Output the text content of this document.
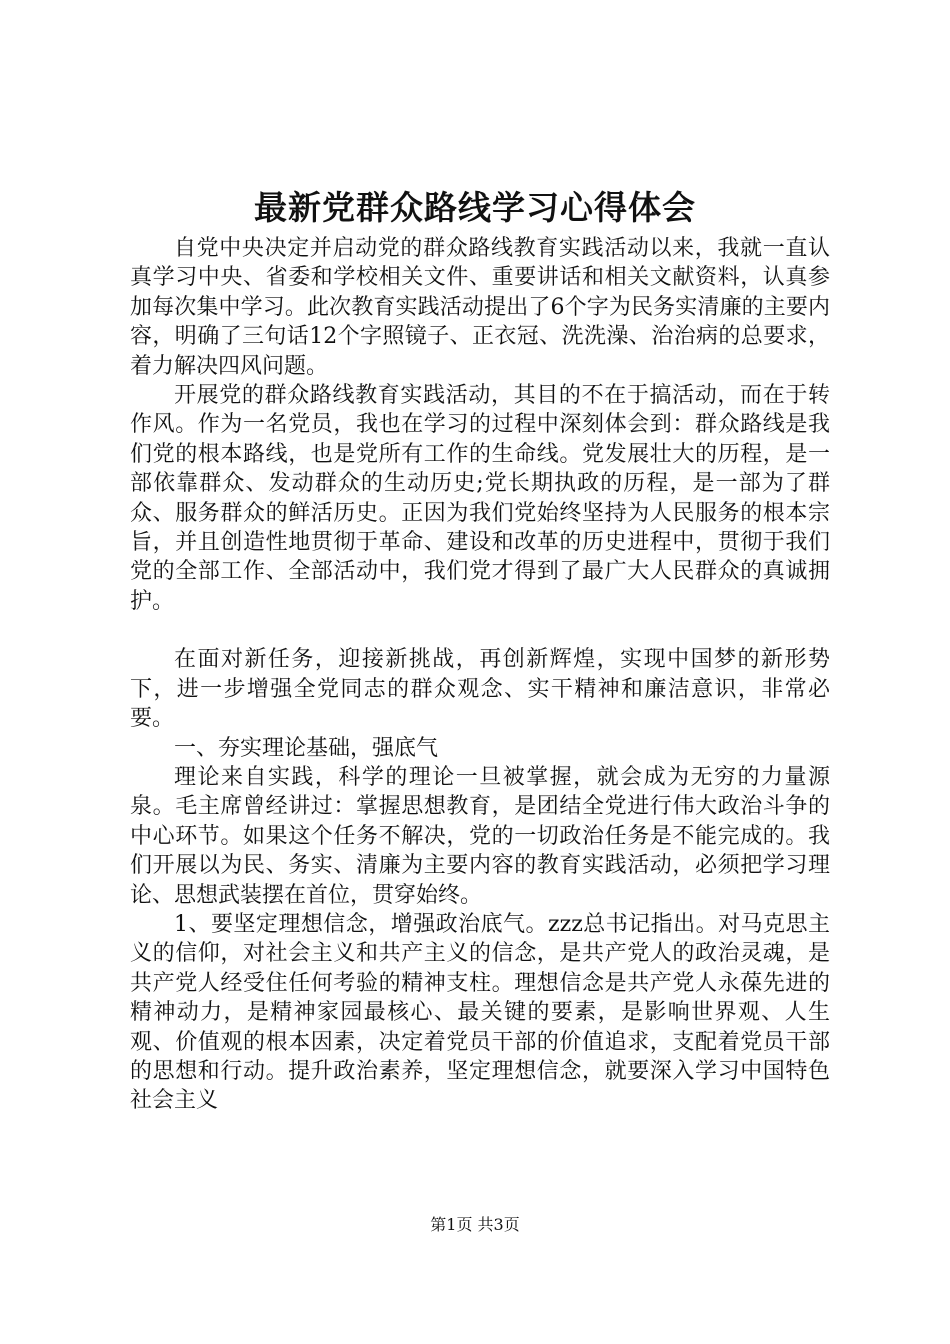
最新党群众路线学习心得体会

自党中央决定并启动党的群众路线教育实践活动以来，我就一直认真学习中央、省委和学校相关文件、重要讲话和相关文献资料，认真参加每次集中学习。此次教育实践活动提出了6个字为民务实清廉的主要内容，明确了三句话12个字照镜子、正衣冠、洗洗澡、治治病的总要求，着力解决四风问题。

开展党的群众路线教育实践活动，其目的不在于搞活动，而在于转作风。作为一名党员，我也在学习的过程中深刻体会到：群众路线是我们党的根本路线，也是党所有工作的生命线。党发展壮大的历程，是一部依靠群众、发动群众的生动历史;党长期执政的历程，是一部为了群众、服务群众的鲜活历史。正因为我们党始终坚持为人民服务的根本宗旨，并且创造性地贯彻于革命、建设和改革的历史进程中，贯彻于我们党的全部工作、全部活动中，我们党才得到了最广大人民群众的真诚拥护。

在面对新任务，迎接新挑战，再创新辉煌，实现中国梦的新形势下，进一步增强全党同志的群众观念、实干精神和廉洁意识，非常必要。

一、夯实理论基础，强底气

理论来自实践，科学的理论一旦被掌握，就会成为无穷的力量源泉。毛主席曾经讲过：掌握思想教育，是团结全党进行伟大政治斗争的中心环节。如果这个任务不解决，党的一切政治任务是不能完成的。我们开展以为民、务实、清廉为主要内容的教育实践活动，必须把学习理论、思想武装摆在首位，贯穿始终。

1、要坚定理想信念，增强政治底气。zzz总书记指出。对马克思主义的信仰，对社会主义和共产主义的信念，是共产党人的政治灵魂，是共产党人经受住任何考验的精神支柱。理想信念是共产党人永葆先进的精神动力，是精神家园最核心、最关键的要素，是影响世界观、人生观、价值观的根本因素，决定着党员干部的价值追求，支配着党员干部的思想和行动。提升政治素养，坚定理想信念，就要深入学习中国特色社会主义

第1页 共3页
